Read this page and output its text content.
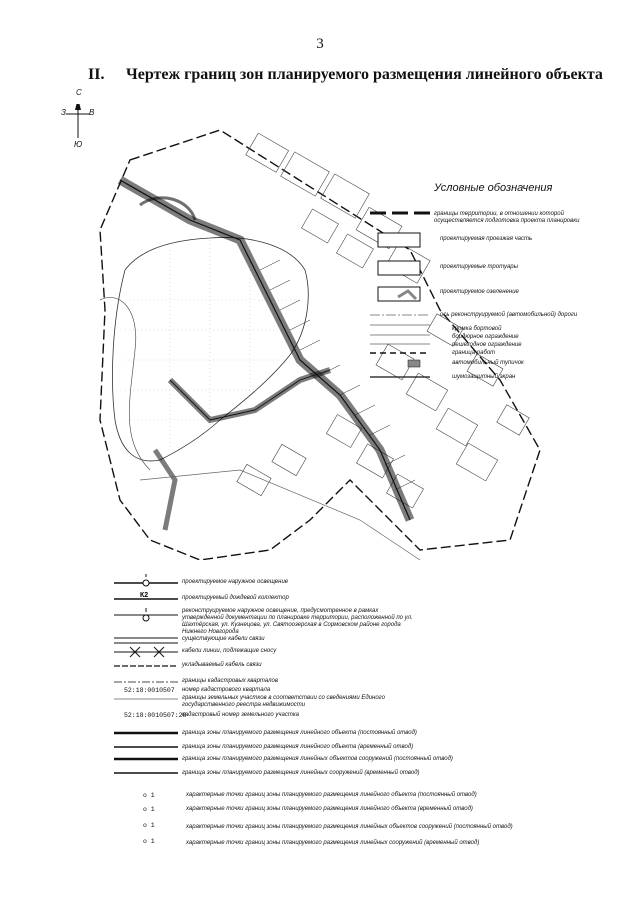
3
II. Чертеж границ зон планируемого размещения линейного объекта
С
З	В
Ю
Условные обозначения
границы территории, в отношении которой осуществляется подготовка проекта планировки
проектируемая проезжая часть
проектируемые тротуары
проектируемое озеленение
ось реконструируемой (автомобильной) дороги
кромка бортовой
бордюрное ограждение
пешеходное ограждение
граница работ
автомобильный тупичок
шумозащитный экран
К2
проектируемое наружное освещение
проектируемый дождевой коллектор
реконструируемое наружное освещение, предусмотренное в рамках утвержденной документации по планировке территории, расположенной по ул. Шахтёрская, ул. Кузнецова, ул. Святоозерская в Сормовском районе города Нижнего Новгорода
существующие кабели связи
кабели линии, подлежащие сносу
укладываемый кабель связи
52:18:0010507
52:18:0010507:28
границы кадастровых кварталов
номер кадастрового квартала
границы земельных участков в соответствии со сведениями Единого государственного реестра недвижимости
кадастровый номер земельного участка
граница зоны планируемого размещения линейного объекта (постоянный отвод)
граница зоны планируемого размещения линейного объекта (временный отвод)
граница зоны планируемого размещения линейных объектов сооружений (постоянный отвод)
граница зоны планируемого размещения линейных сооружений (временный отвод)
о 1
о 1
о 1
о 1
характерные точки границ зоны планируемого размещения линейного объекта (постоянный отвод)
характерные точки границ зоны планируемого размещения линейного объекта (временный отвод)
характерные точки границ зоны планируемого размещения линейных объектов сооружений (постоянный отвод)
характерные точки границ зоны планируемого размещения линейных сооружений (временный отвод)
